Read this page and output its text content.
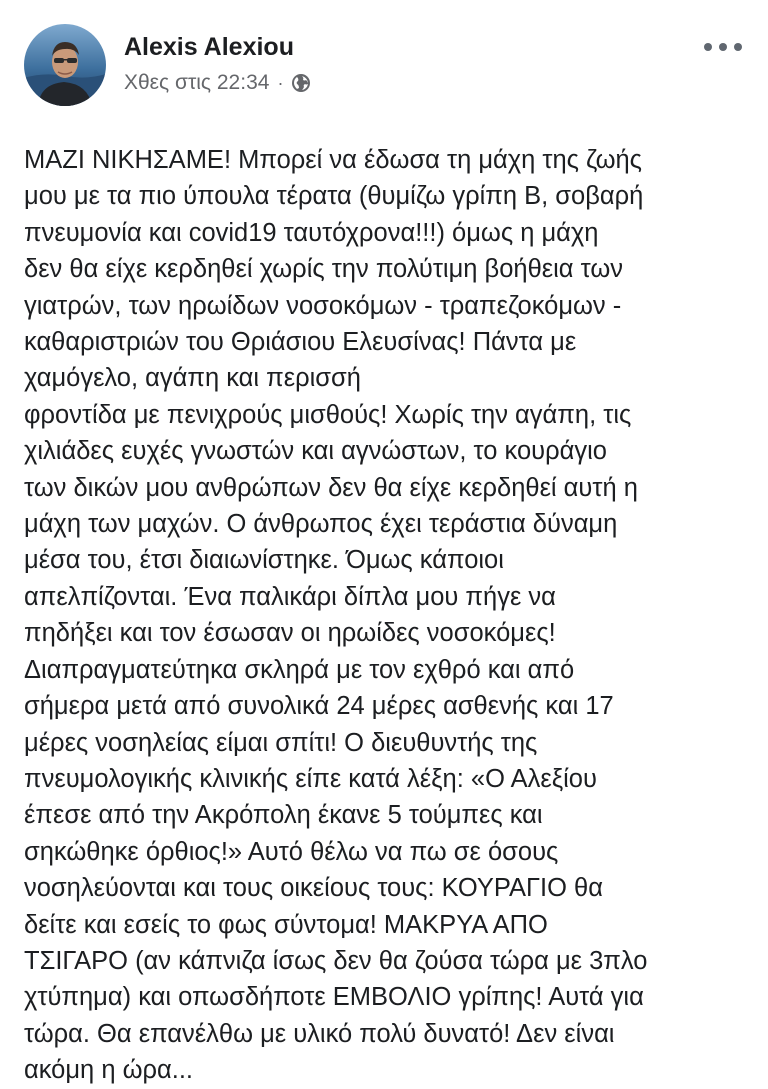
Alexis Alexiou
Χθες στις 22:34 ·
ΜΑΖΙ ΝΙΚΗΣΑΜΕ! Μπορεί να έδωσα τη μάχη της ζωής
μου με τα πιο ύπουλα τέρατα (θυμίζω γρίπη Β, σοβαρή
πνευμονία και covid19 ταυτόχρονα!!!) όμως η μάχη
δεν θα είχε κερδηθεί χωρίς την πολύτιμη βοήθεια των
γιατρών, των ηρωίδων νοσοκόμων - τραπεζοκόμων -
καθαριστριών του Θριάσιου Ελευσίνας! Πάντα με
χαμόγελο, αγάπη και περισσή
φροντίδα με πενιχρούς μισθούς! Χωρίς την αγάπη, τις
χιλιάδες ευχές γνωστών και αγνώστων, το κουράγιο
των δικών μου ανθρώπων δεν θα είχε κερδηθεί αυτή η
μάχη των μαχών. Ο άνθρωπος έχει τεράστια δύναμη
μέσα του, έτσι διαιωνίστηκε. Όμως κάποιοι
απελπίζονται. Ένα παλικάρι δίπλα μου πήγε να
πηδήξει και τον έσωσαν οι ηρωίδες νοσοκόμες!
Διαπραγματεύτηκα σκληρά με τον εχθρό και από
σήμερα μετά από συνολικά 24 μέρες ασθενής και 17
μέρες νοσηλείας είμαι σπίτι! Ο διευθυντής της
πνευμολογικής κλινικής είπε κατά λέξη: «Ο Αλεξίου
έπεσε από την Ακρόπολη έκανε 5 τούμπες και
σηκώθηκε όρθιος!» Αυτό θέλω να πω σε όσους
νοσηλεύονται και τους οικείους τους: ΚΟΥΡΑΓΙΟ θα
δείτε και εσείς το φως σύντομα! ΜΑΚΡΥΑ ΑΠΟ
ΤΣΙΓΑΡΟ (αν κάπνιζα ίσως δεν θα ζούσα τώρα με 3πλο
χτύπημα) και οπωσδήποτε ΕΜΒΟΛΙΟ γρίπης! Αυτά για
τώρα. Θα επανέλθω με υλικό πολύ δυνατό! Δεν είναι
ακόμη η ώρα...
